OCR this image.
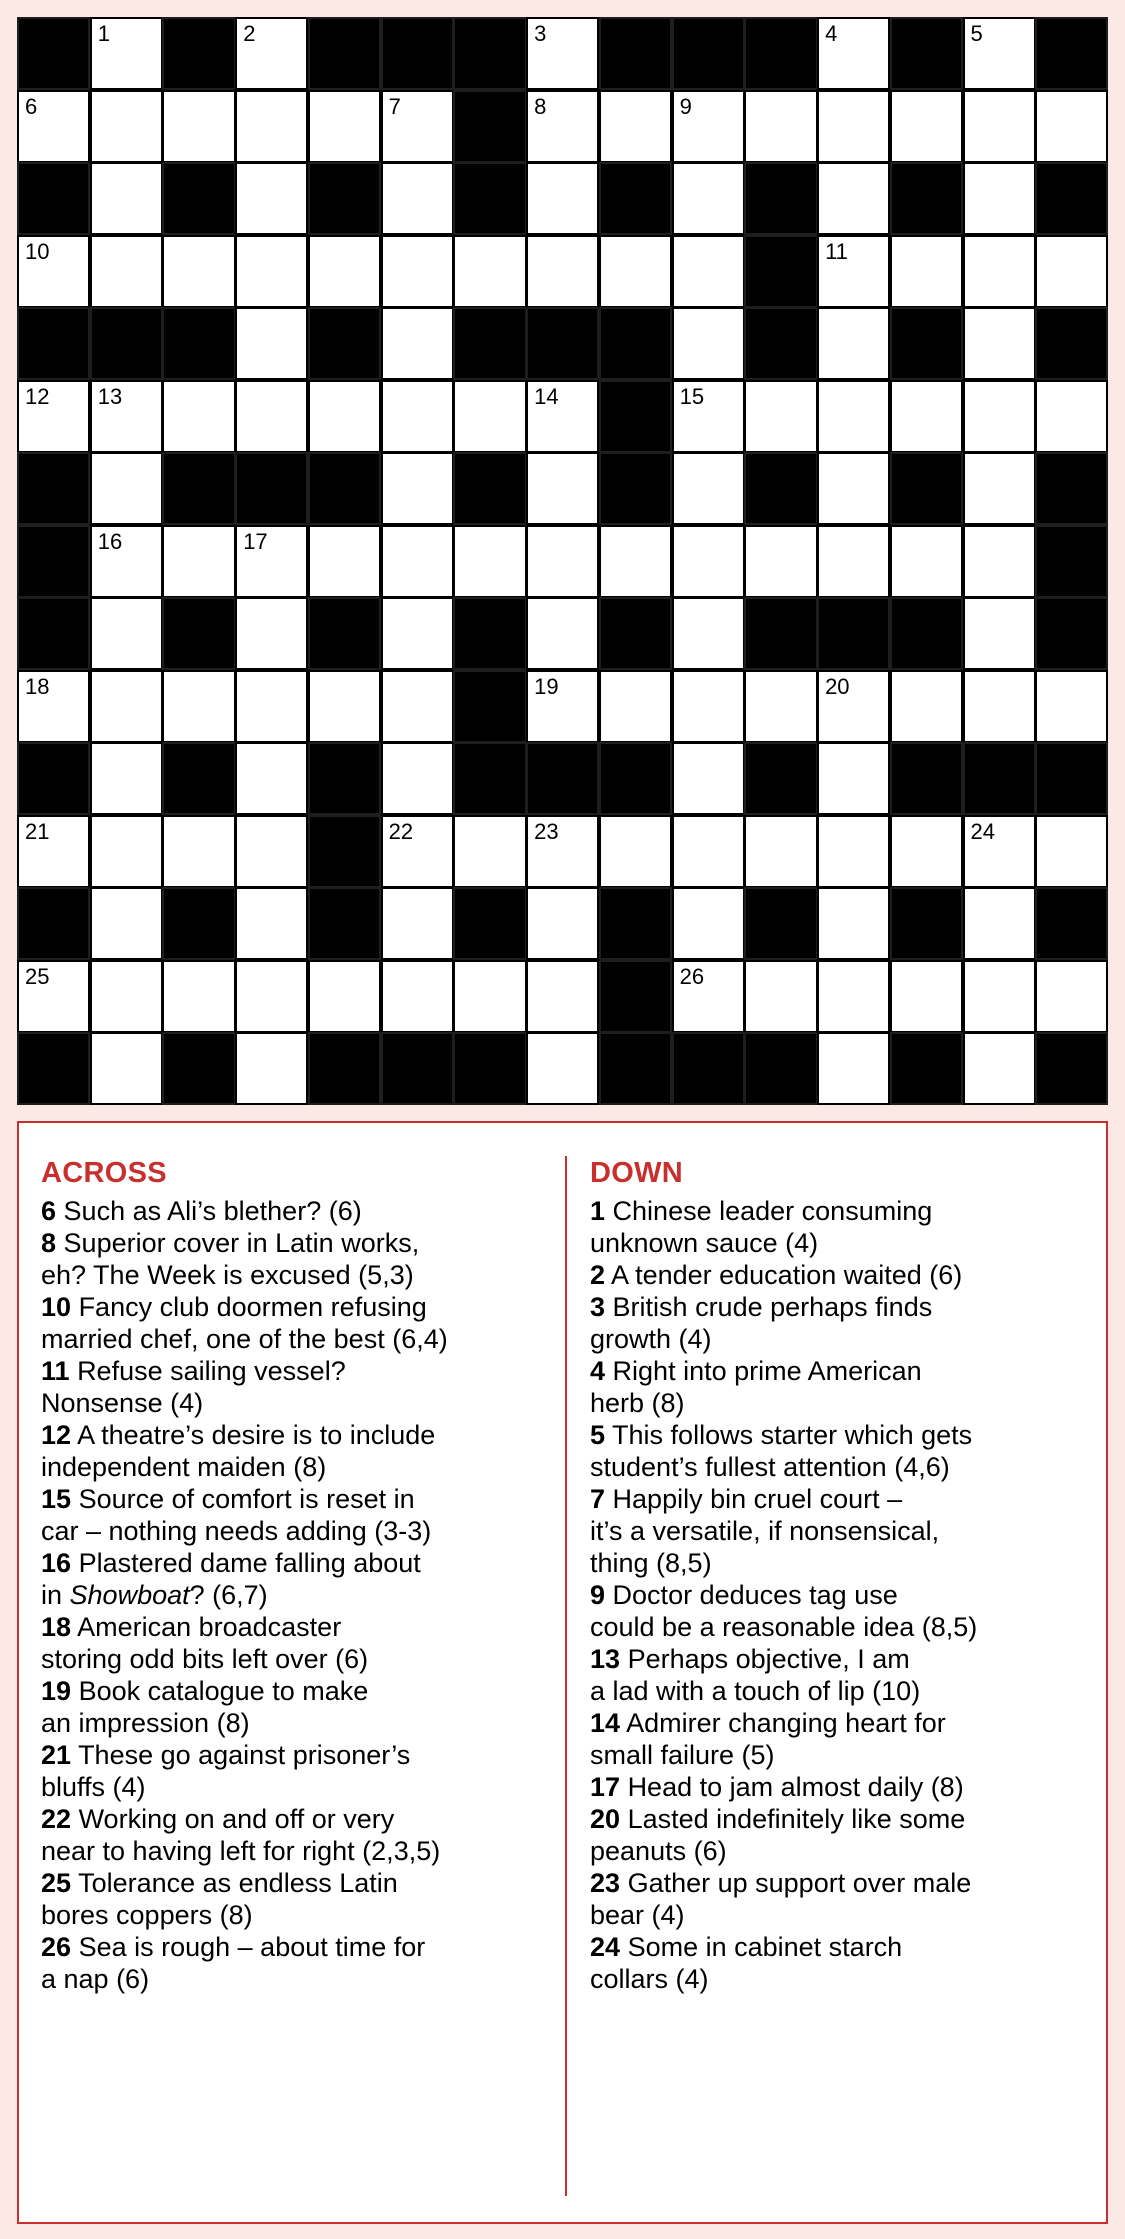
1	2	3	4	5
6	7	8	9
10	11
12 13	14	15
16	17
18	19	20
21	22	23	24
25	26
ACROSS

6 Such as Ali’s blether? (6)

8 Superior cover in Latin works,
eh? The Week is excused (5,3)

10 Fancy club doormen refusing
married chef, one of the best (6,4)

11 Refuse sailing vessel?
Nonsense (4)

12 A theatre’s desire is to include
independent maiden (8)

15 Source of comfort is reset in
car – nothing needs adding (3-3)

16 Plastered dame falling about
in Showboat? (6,7)

18 American broadcaster
storing odd bits left over (6)

19 Book catalogue to make
an impression (8)

21 These go against prisoner’s
bluffs (4)

22 Working on and off or very
near to having left for right (2,3,5)

25 Tolerance as endless Latin
bores coppers (8)

26 Sea is rough – about time for
a nap (6)

DOWN

1 Chinese leader consuming
unknown sauce (4)

2 A tender education waited (6)

3 British crude perhaps finds
growth (4)

4 Right into prime American
herb (8)

5 This follows starter which gets
student’s fullest attention (4,6)

7 Happily bin cruel court –
it’s a versatile, if nonsensical,
thing (8,5)

9 Doctor deduces tag use
could be a reasonable idea (8,5)

13 Perhaps objective, I am
a lad with a touch of lip (10)

14 Admirer changing heart for
small failure (5)

17 Head to jam almost daily (8)

20 Lasted indefinitely like some
peanuts (6)

23 Gather up support over male
bear (4)

24 Some in cabinet starch
collars (4)
